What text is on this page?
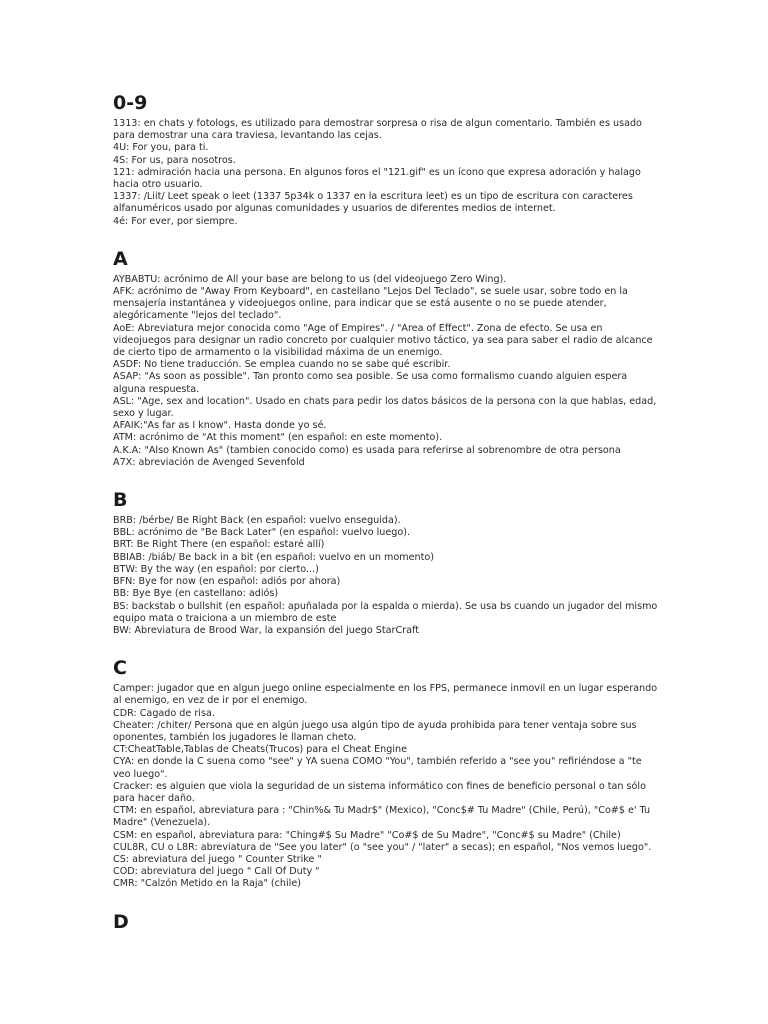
0-9

1313: en chats y fotologs, es utilizado para demostrar sorpresa o risa de algun comentario. También es usado para demostrar una cara traviesa, levantando las cejas.

4U: For you, para ti.

4S: For us, para nosotros.

121: admiración hacia una persona. En algunos foros el "121.gif" es un ícono que expresa adoración y halago hacia otro usuario.

1337: /Liit/ Leet speak o leet (1337 5p34k o 1337 en la escritura leet) es un tipo de escritura con caracteres alfanuméricos usado por algunas comunidades y usuarios de diferentes medios de internet.

4é: For ever, por siempre.

A

AYBABTU: acrónimo de All your base are belong to us (del videojuego Zero Wing).

AFK: acrónimo de "Away From Keyboard", en castellano "Lejos Del Teclado", se suele usar, sobre todo en la mensajería instantánea y videojuegos online, para indicar que se está ausente o no se puede atender, alegóricamente "lejos del teclado".

AoE: Abreviatura mejor conocida como "Age of Empires". / "Area of Effect". Zona de efecto. Se usa en videojuegos para designar un radio concreto por cualquier motivo táctico, ya sea para saber el radio de alcance de cierto tipo de armamento o la visibilidad máxima de un enemigo.

ASDF: No tiene traducción. Se emplea cuando no se sabe qué escribir.

ASAP: "As soon as possible". Tan pronto como sea posible. Se usa como formalismo cuando alguien espera alguna respuesta.

ASL: "Age, sex and location". Usado en chats para pedir los datos básicos de la persona con la que hablas, edad, sexo y lugar.

AFAIK:"As far as I know". Hasta donde yo sé.

ATM: acrónimo de "At this moment" (en español: en este momento).

A.K.A: "Also Known As" (tambien conocido como) es usada para referirse al sobrenombre de otra persona

A7X: abreviación de Avenged Sevenfold

B

BRB: /bérbe/ Be Right Back (en español: vuelvo enseguida).

BBL: acrónimo de "Be Back Later" (en español: vuelvo luego).

BRT: Be Right There (en español: estaré allí)

BBIAB: /biáb/ Be back in a bit (en español: vuelvo en un momento)

BTW: By the way (en español: por cierto...)

BFN: Bye for now (en español: adiós por ahora)

BB: Bye Bye (en castellano: adiós)

BS: backstab o bullshit (en español: apuñalada por la espalda o mierda). Se usa bs cuando un jugador del mismo equipo mata o traiciona a un miembro de este

BW: Abreviatura de Brood War, la expansión del juego StarCraft

C

Camper: jugador que en algun juego online especialmente en los FPS, permanece inmovil en un lugar esperando al enemigo, en vez de ir por el enemigo.

CDR: Cagado de risa.

Cheater: /chiter/ Persona que en algún juego usa algún tipo de ayuda prohibida para tener ventaja sobre sus oponentes, también los jugadores le llaman cheto.

CT:CheatTable,Tablas de Cheats(Trucos) para el Cheat Engine

CYA: en donde la C suena como "see" y YA suena COMO "You", también referido a "see you" refiriéndose a "te veo luego".

Cracker: es alguien que viola la seguridad de un sistema informático con fines de beneficio personal o tan sólo para hacer daño.

CTM: en español, abreviatura para : "Chin%& Tu Madr$" (Mexico), "Conc$# Tu Madre" (Chile, Perú), "Co#$ e' Tu Madre" (Venezuela).

CSM: en español, abreviatura para: "Ching#$ Su Madre" "Co#$ de Su Madre", "Conc#$ su Madre" (Chile)

CUL8R, CU o L8R: abreviatura de "See you later" (o "see you" / "later" a secas); en español, "Nos vemos luego".

CS: abreviatura del juego " Counter Strike "

COD: abreviatura del juego " Call Of Duty "

CMR: "Calzón Metido en la Raja" (chile)

D
